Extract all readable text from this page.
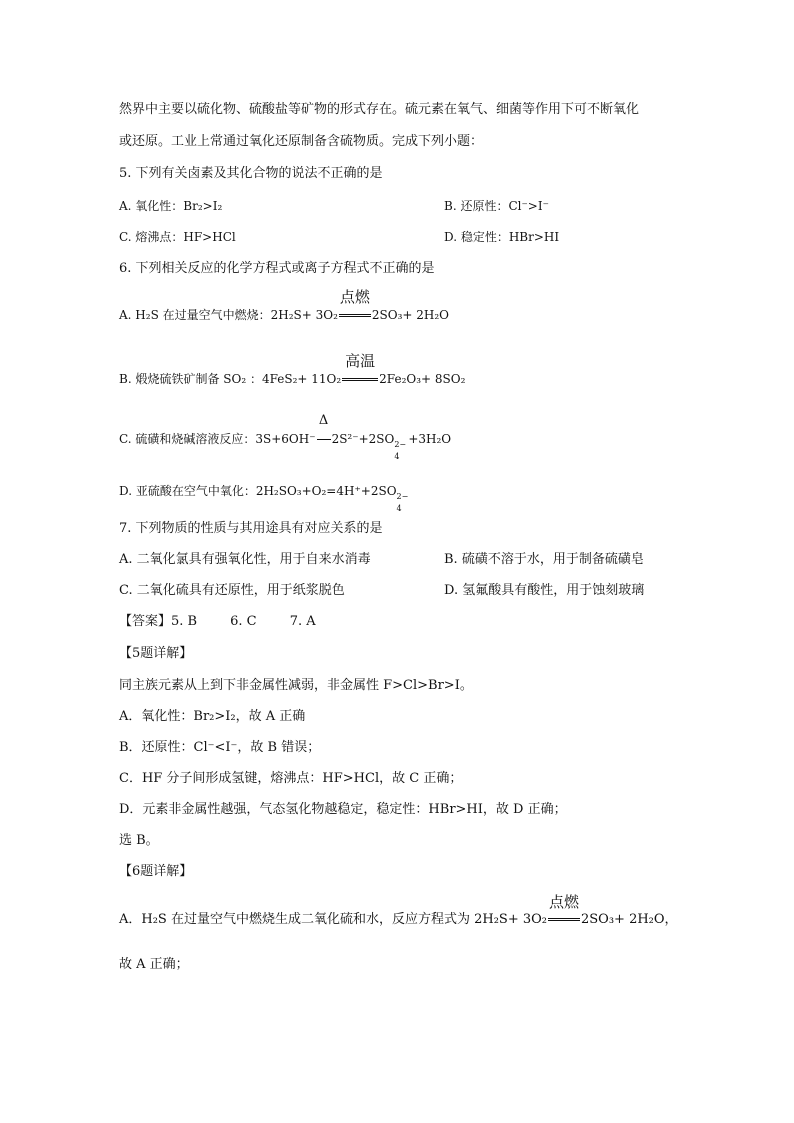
然界中主要以硫化物、硫酸盐等矿物的形式存在。硫元素在氧气、细菌等作用下可不断氧化
或还原。工业上常通过氧化还原制备含硫物质。完成下列小题：
5. 下列有关卤素及其化合物的说法不正确的是
A. 氧化性：Br₂>I₂	B. 还原性：Cl⁻>I⁻
C. 熔沸点：HF>HCl	D. 稳定性：HBr>HI
6. 下列相关反应的化学方程式或离子方程式不正确的是
A. H₂S 在过量空气中燃烧：2H₂S+ 3O₂
点燃
2SO₃+ 2H₂O
B. 煅烧硫铁矿制备 SO₂ ：4FeS₂+ 11O₂
高温
2Fe₂O₃+ 8SO₂
C. 硫磺和烧碱溶液反应：3S+6OH⁻
Δ
2S²⁻+2SO 2−
4
+3H₂O
D. 亚硫酸在空气中氧化：2H₂SO₃+O₂=4H⁺+2SO 2−
4
7. 下列物质的性质与其用途具有对应关系的是
A. 二氧化氯具有强氧化性，用于自来水消毒	B. 硫磺不溶于水，用于制备硫磺皂
C. 二氧化硫具有还原性，用于纸浆脱色	D. 氢氟酸具有酸性，用于蚀刻玻璃
【答案】5. B        6. C        7. A
【5题详解】
同主族元素从上到下非金属性减弱，非金属性 F>Cl>Br>I。
A．氧化性：Br₂>I₂，故 A 正确
B．还原性：Cl⁻<I⁻，故 B 错误；
C．HF 分子间形成氢键，熔沸点：HF>HCl，故 C 正确；
D．元素非金属性越强，气态氢化物越稳定，稳定性：HBr>HI，故 D 正确；
选 B。
【6题详解】
A．H₂S 在过量空气中燃烧生成二氧化硫和水，反应方程式为 2H₂S+ 3O₂
点燃
2SO₃+ 2H₂O，
故 A 正确；
